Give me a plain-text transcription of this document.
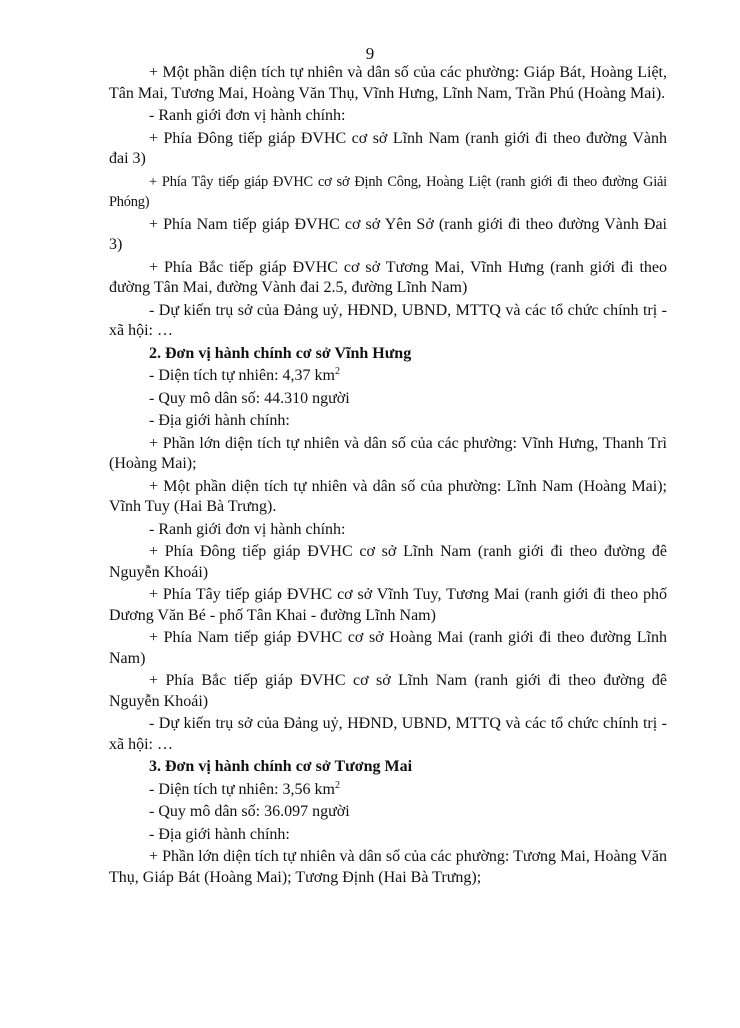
9

+ Một phần diện tích tự nhiên và dân số của các phường: Giáp Bát, Hoàng Liệt, Tân Mai, Tương Mai, Hoàng Văn Thụ, Vĩnh Hưng, Lĩnh Nam, Trần Phú (Hoàng Mai).

- Ranh giới đơn vị hành chính:

+ Phía Đông tiếp giáp ĐVHC cơ sở Lĩnh Nam (ranh giới đi theo đường Vành đai 3)

+ Phía Tây tiếp giáp ĐVHC cơ sở Định Công, Hoàng Liệt (ranh giới đi theo đường Giải Phóng)

+ Phía Nam tiếp giáp ĐVHC cơ sở Yên Sở (ranh giới đi theo đường Vành Đai 3)

+ Phía Bắc tiếp giáp ĐVHC cơ sở Tương Mai, Vĩnh Hưng (ranh giới đi theo đường Tân Mai, đường Vành đai 2.5, đường Lĩnh Nam)

- Dự kiến trụ sở của Đảng uỷ, HĐND, UBND, MTTQ và các tổ chức chính trị - xã hội: …

2. Đơn vị hành chính cơ sở Vĩnh Hưng

- Diện tích tự nhiên: 4,37 $km^2$

- Quy mô dân số: 44.310 người

- Địa giới hành chính:

+ Phần lớn diện tích tự nhiên và dân số của các phường: Vĩnh Hưng, Thanh Trì (Hoàng Mai);

+ Một phần diện tích tự nhiên và dân số của phường: Lĩnh Nam (Hoàng Mai); Vĩnh Tuy (Hai Bà Trưng).

- Ranh giới đơn vị hành chính:

+ Phía Đông tiếp giáp ĐVHC cơ sở Lĩnh Nam (ranh giới đi theo đường đê Nguyễn Khoái)

+ Phía Tây tiếp giáp ĐVHC cơ sở Vĩnh Tuy, Tương Mai (ranh giới đi theo phố Dương Văn Bé - phố Tân Khai - đường Lĩnh Nam)

+ Phía Nam tiếp giáp ĐVHC cơ sở Hoàng Mai (ranh giới đi theo đường Lĩnh Nam)

+ Phía Bắc tiếp giáp ĐVHC cơ sở Lĩnh Nam (ranh giới đi theo đường đê Nguyễn Khoái)

- Dự kiến trụ sở của Đảng uỷ, HĐND, UBND, MTTQ và các tổ chức chính trị - xã hội: …

3. Đơn vị hành chính cơ sở Tương Mai

- Diện tích tự nhiên: 3,56 $km^2$

- Quy mô dân số: 36.097 người

- Địa giới hành chính:

+ Phần lớn diện tích tự nhiên và dân số của các phường: Tương Mai, Hoàng Văn Thụ, Giáp Bát (Hoàng Mai); Tương Định (Hai Bà Trưng);
